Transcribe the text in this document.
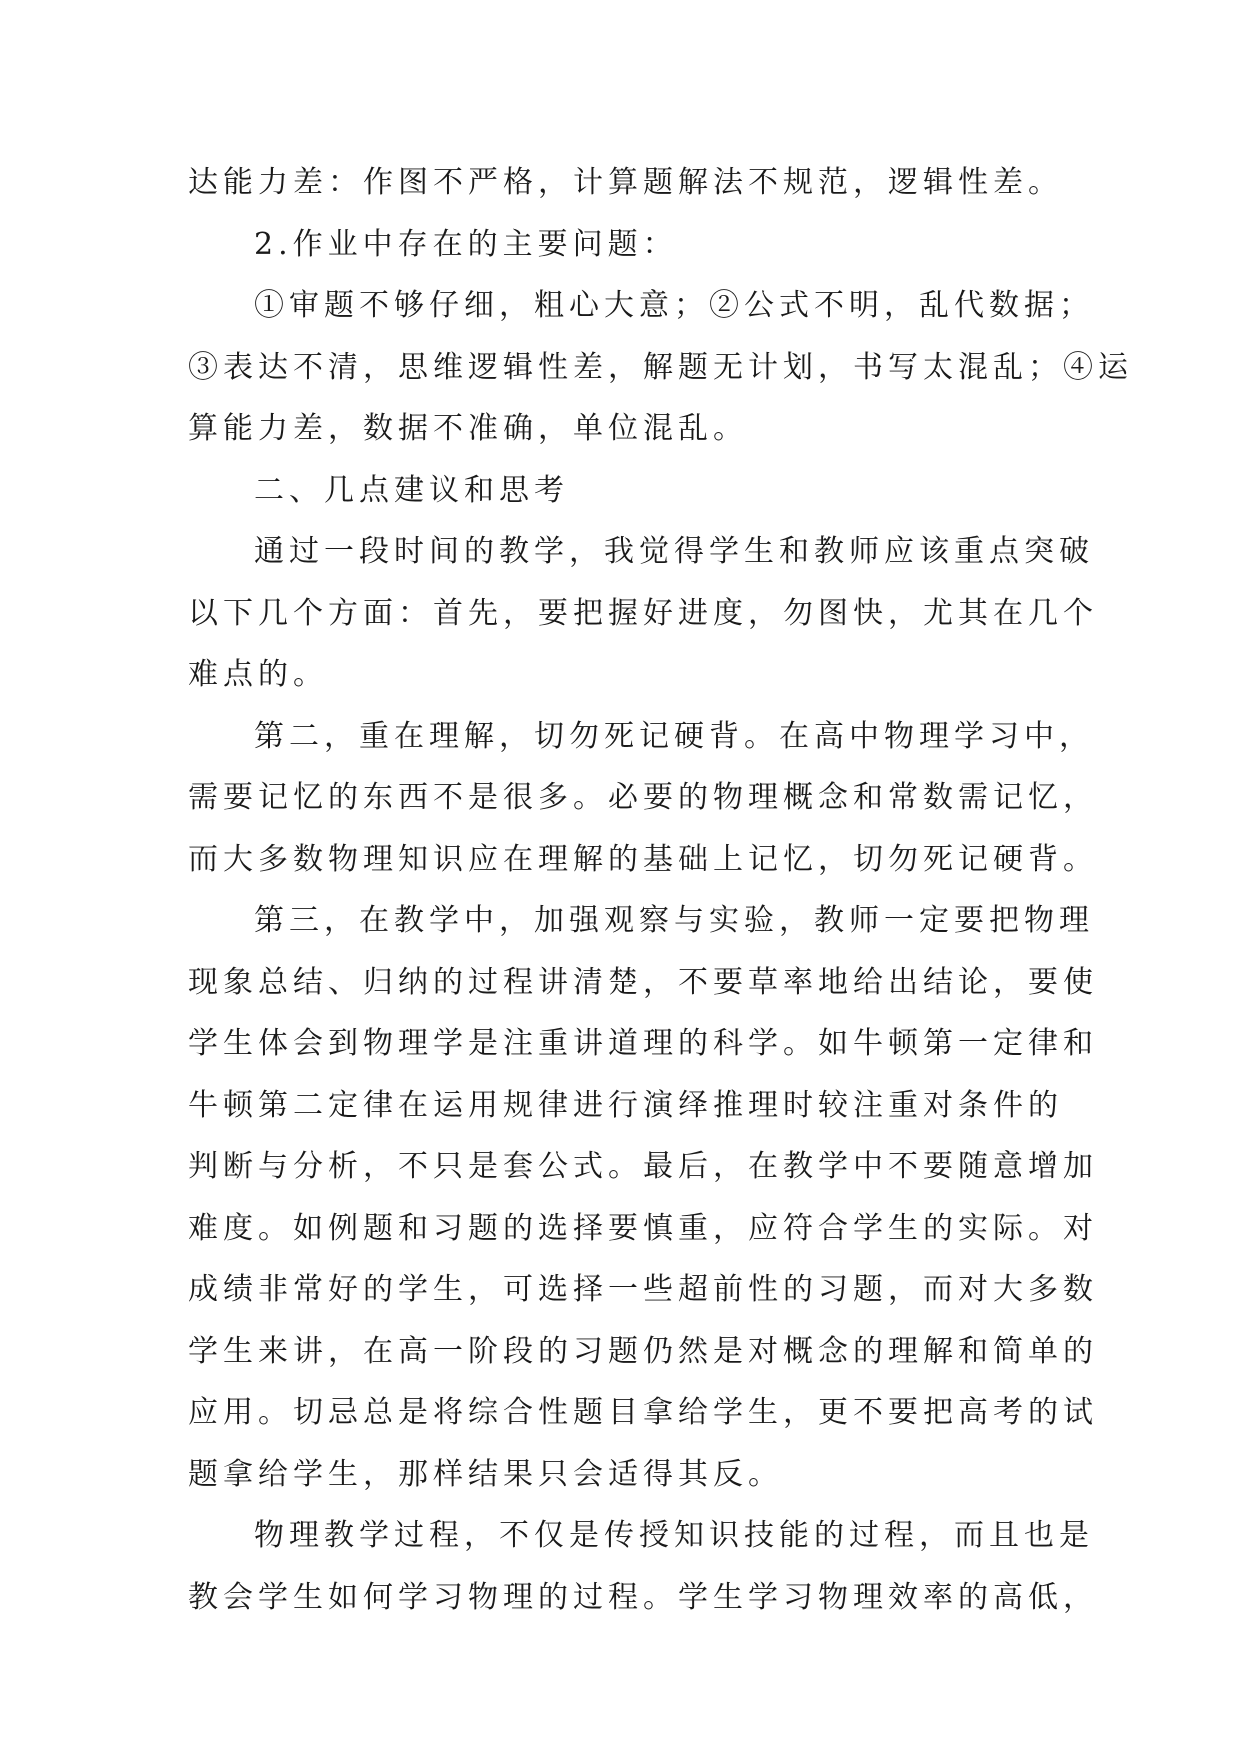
达能力差：作图不严格，计算题解法不规范，逻辑性差。
2.作业中存在的主要问题：
①审题不够仔细，粗心大意；②公式不明，乱代数据；
③表达不清，思维逻辑性差，解题无计划，书写太混乱；④运
算能力差，数据不准确，单位混乱。
二、几点建议和思考
通过一段时间的教学，我觉得学生和教师应该重点突破
以下几个方面：首先，要把握好进度，勿图快，尤其在几个
难点的。
第二，重在理解，切勿死记硬背。在高中物理学习中，
需要记忆的东西不是很多。必要的物理概念和常数需记忆，
而大多数物理知识应在理解的基础上记忆，切勿死记硬背。
第三，在教学中，加强观察与实验，教师一定要把物理
现象总结、归纳的过程讲清楚，不要草率地给出结论，要使
学生体会到物理学是注重讲道理的科学。如牛顿第一定律和
牛顿第二定律在运用规律进行演绎推理时较注重对条件的
判断与分析，不只是套公式。最后，在教学中不要随意增加
难度。如例题和习题的选择要慎重，应符合学生的实际。对
成绩非常好的学生，可选择一些超前性的习题，而对大多数
学生来讲，在高一阶段的习题仍然是对概念的理解和简单的
应用。切忌总是将综合性题目拿给学生，更不要把高考的试
题拿给学生，那样结果只会适得其反。
物理教学过程，不仅是传授知识技能的过程，而且也是
教会学生如何学习物理的过程。学生学习物理效率的高低，
